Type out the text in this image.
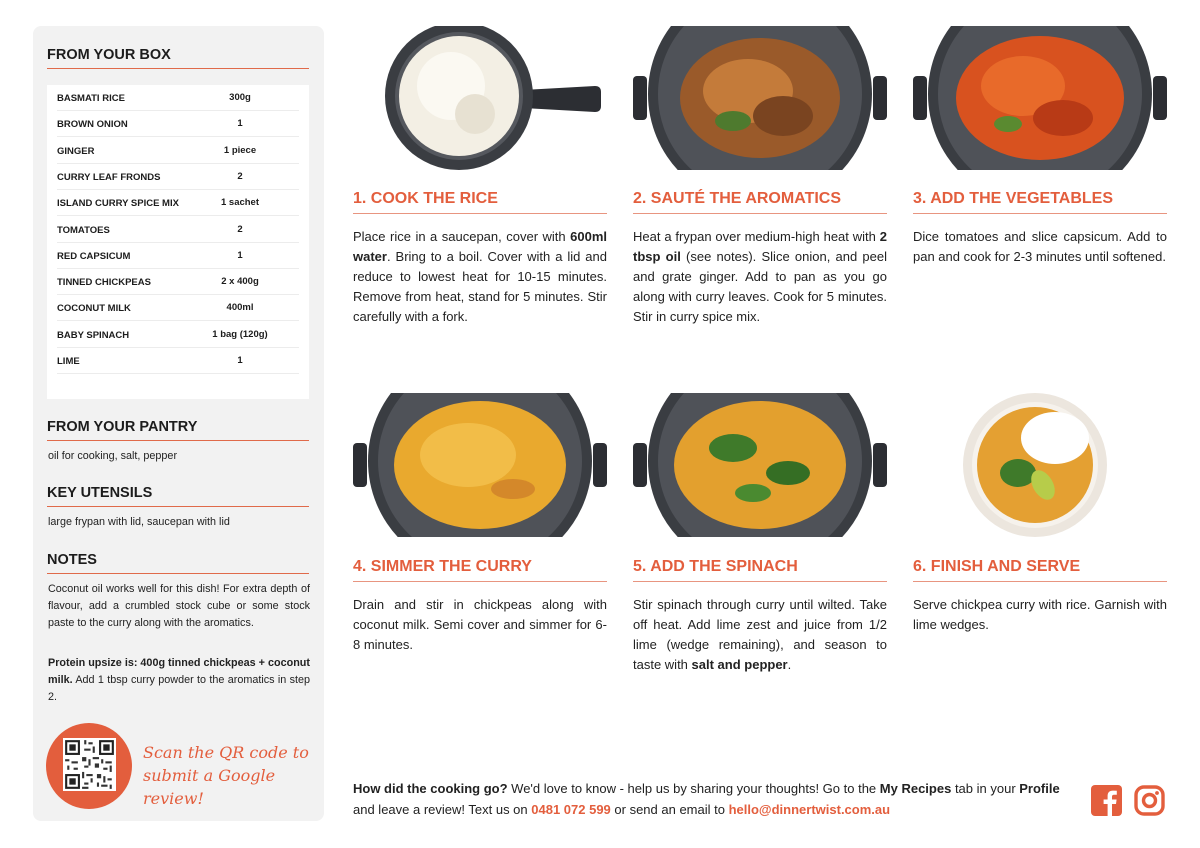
FROM YOUR BOX
BASMATI RICE	300g
BROWN ONION	1
GINGER	1 piece
CURRY LEAF FRONDS	2
ISLAND CURRY SPICE MIX	1 sachet
TOMATOES	2
RED CAPSICUM	1
TINNED CHICKPEAS	2 x 400g
COCONUT MILK	400ml
BABY SPINACH	1 bag (120g)
LIME	1
FROM YOUR PANTRY
oil for cooking, salt, pepper
KEY UTENSILS
large frypan with lid, saucepan with lid
NOTES
Coconut oil works well for this dish! For extra depth of flavour, add a crumbled stock cube or some stock paste to the curry along with the aromatics.
Protein upsize is: 400g tinned chickpeas + coconut milk. Add 1 tbsp curry powder to the aromatics in step 2.
Scan the QR code to
submit a Google review!
1. COOK THE RICE
Place rice in a saucepan, cover with 600ml water. Bring to a boil. Cover with a lid and reduce to lowest heat for 10-15 minutes. Remove from heat, stand for 5 minutes. Stir carefully with a fork.
2. SAUTÉ THE AROMATICS
Heat a frypan over medium-high heat with 2 tbsp oil (see notes). Slice onion, and peel and grate ginger. Add to pan as you go along with curry leaves. Cook for 5 minutes. Stir in curry spice mix.
3. ADD THE VEGETABLES
Dice tomatoes and slice capsicum. Add to pan and cook for 2-3 minutes until softened.
4. SIMMER THE CURRY
Drain and stir in chickpeas along with coconut milk. Semi cover and simmer for 6-8 minutes.
5. ADD THE SPINACH
Stir spinach through curry until wilted. Take off heat. Add lime zest and juice from 1/2 lime (wedge remaining), and season to taste with salt and pepper.
6. FINISH AND SERVE
Serve chickpea curry with rice. Garnish with lime wedges.
How did the cooking go? We'd love to know - help us by sharing your thoughts! Go to the My Recipes tab in your Profile and leave a review! Text us on 0481 072 599 or send an email to hello@dinnertwist.com.au
